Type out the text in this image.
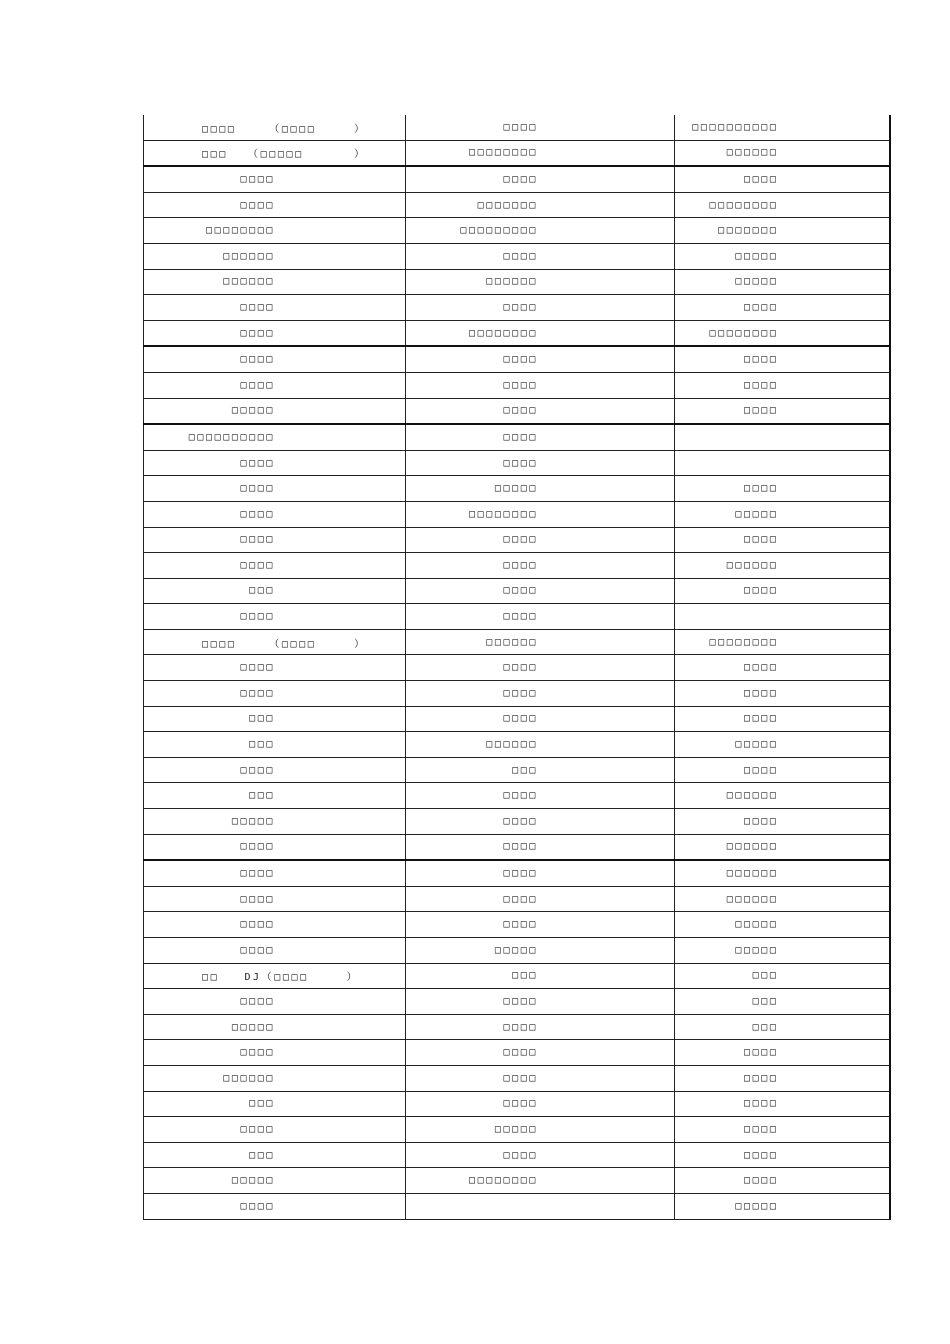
□□□□　　　（□□□□　　　）	□□□□	□□□□□□□□□□
□□□　　（□□□□□　　　　）	□□□□□□□□	□□□□□□
□□□□	□□□□	□□□□
□□□□	□□□□□□□	□□□□□□□□
□□□□□□□□	□□□□□□□□□	□□□□□□□
□□□□□□	□□□□	□□□□□
□□□□□□	□□□□□□	□□□□□
□□□□	□□□□	□□□□
□□□□	□□□□□□□□	□□□□□□□□
□□□□	□□□□	□□□□
□□□□	□□□□	□□□□
□□□□□	□□□□	□□□□
□□□□□□□□□□	□□□□	
□□□□	□□□□	
□□□□	□□□□□	□□□□
□□□□	□□□□□□□□	□□□□□
□□□□	□□□□	□□□□
□□□□	□□□□	□□□□□□
□□□	□□□□	□□□□
□□□□	□□□□	
□□□□　　　（□□□□　　　）	□□□□□□	□□□□□□□□
□□□□	□□□□	□□□□
□□□□	□□□□	□□□□
□□□	□□□□	□□□□
□□□	□□□□□□	□□□□□
□□□□	□□□	□□□□
□□□	□□□□	□□□□□□
□□□□□	□□□□	□□□□
□□□□	□□□□	□□□□□□
□□□□	□□□□	□□□□□□
□□□□	□□□□	□□□□□□
□□□□	□□□□	□□□□□
□□□□	□□□□□	□□□□□
□□　　DJ（□□□□　　　）	□□□	□□□
□□□□	□□□□	□□□
□□□□□	□□□□	□□□
□□□□	□□□□	□□□□
□□□□□□	□□□□	□□□□
□□□	□□□□	□□□□
□□□□	□□□□□	□□□□
□□□	□□□□	□□□□
□□□□□	□□□□□□□□	□□□□
□□□□		□□□□□
